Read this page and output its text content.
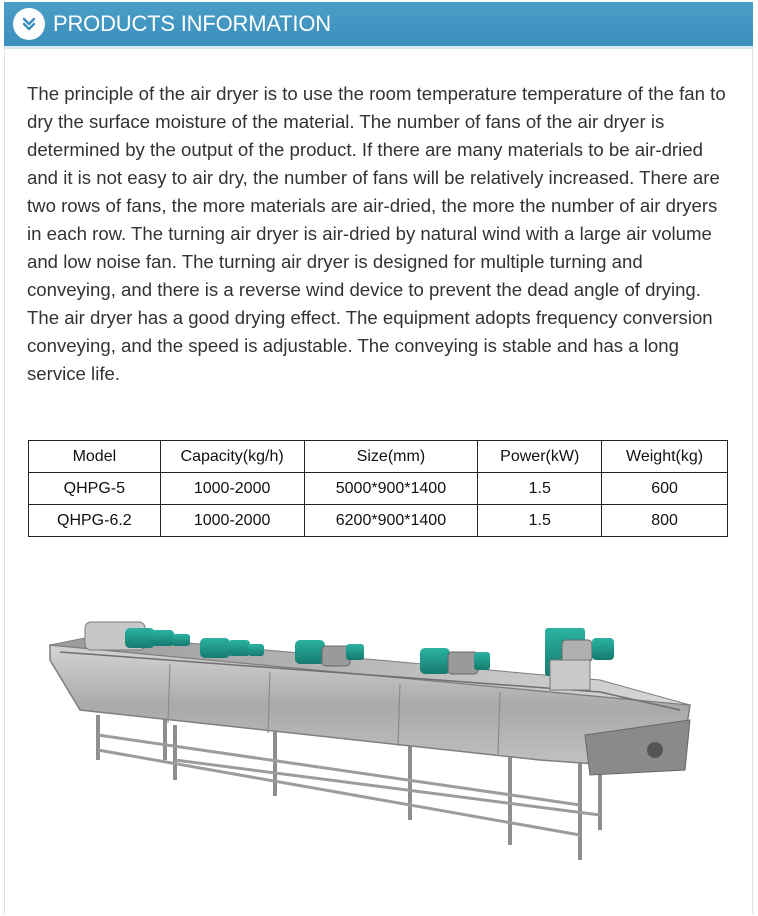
PRODUCTS INFORMATION

The principle of the air dryer is to use the room temperature temperature of the fan to dry the surface moisture of the material. The number of fans of the air dryer is determined by the output of the product. If there are many materials to be air-dried and it is not easy to air dry, the number of fans will be relatively increased. There are two rows of fans, the more materials are air-dried, the more the number of air dryers in each row. The turning air dryer is air-dried by natural wind with a large air volume and low noise fan. The turning air dryer is designed for multiple turning and conveying, and there is a reverse wind device to prevent the dead angle of drying. The air dryer has a good drying effect. The equipment adopts frequency conversion conveying, and the speed is adjustable. The conveying is stable and has a long service life.

Model	Capacity(kg/h)	Size(mm)	Power(kW)	Weight(kg)
QHPG-5	1000-2000	5000*900*1400	1.5	600
QHPG-6.2	1000-2000	6200*900*1400	1.5	800
